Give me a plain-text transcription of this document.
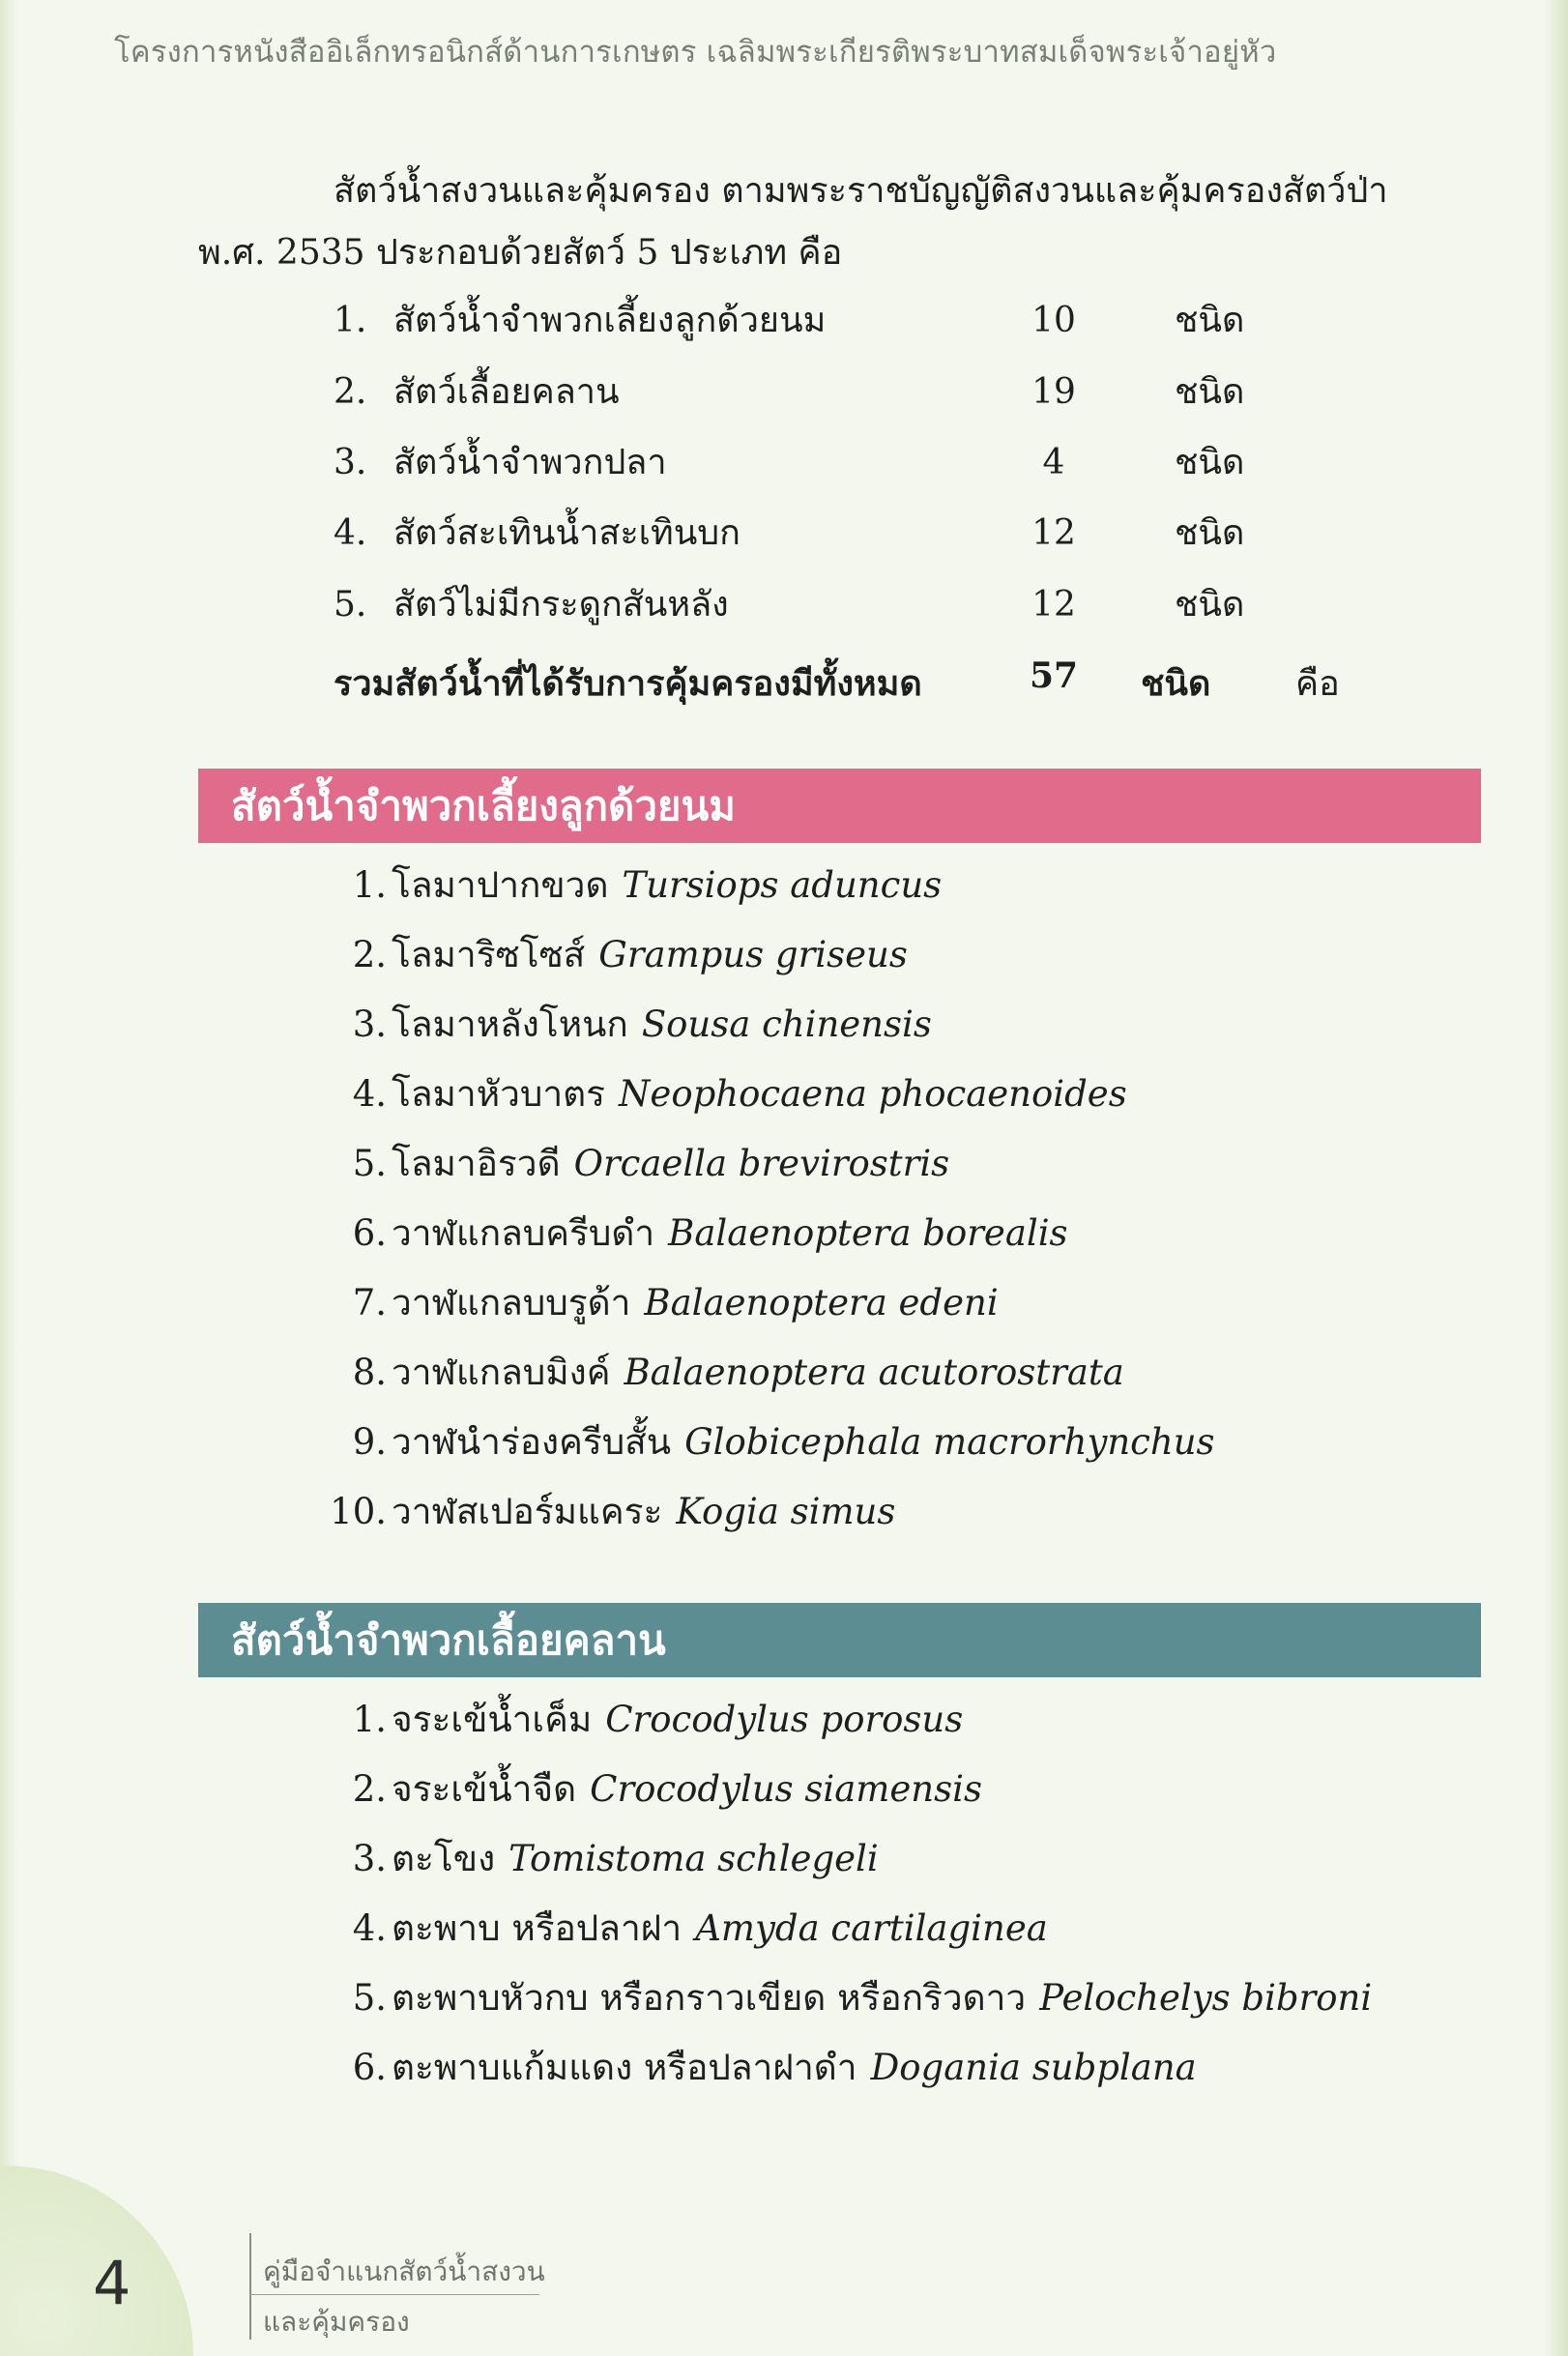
โครงการหนังสืออิเล็กทรอนิกส์ด้านการเกษตร เฉลิมพระเกียรติพระบาทสมเด็จพระเจ้าอยู่หัว
สัตว์น้ำสงวนและคุ้มครอง ตามพระราชบัญญัติสงวนและคุ้มครองสัตว์ป่า
พ.ศ. 2535 ประกอบด้วยสัตว์ 5 ประเภท คือ
1. สัตว์น้ำจำพวกเลี้ยงลูกด้วยนม	10	ชนิด
2. สัตว์เลื้อยคลาน	19	ชนิด
3. สัตว์น้ำจำพวกปลา	4	ชนิด
4. สัตว์สะเทินน้ำสะเทินบก	12	ชนิด
5. สัตว์ไม่มีกระดูกสันหลัง	12	ชนิด
รวมสัตว์น้ำที่ได้รับการคุ้มครองมีทั้งหมด	57 ชนิด คือ
สัตว์น้ำจำพวกเลี้ยงลูกด้วยนม
1. โลมาปากขวด Tursiops aduncus
2. โลมาริซโซส์ Grampus griseus
3. โลมาหลังโหนก Sousa chinensis
4. โลมาหัวบาตร Neophocaena phocaenoides
5. โลมาอิรวดี Orcaella brevirostris
6. วาฬแกลบครีบดำ Balaenoptera borealis
7. วาฬแกลบบรูด้า Balaenoptera edeni
8. วาฬแกลบมิงค์ Balaenoptera acutorostrata
9. วาฬนำร่องครีบสั้น Globicephala macrorhynchus
10. วาฬสเปอร์มแคระ Kogia simus
สัตว์น้ำจำพวกเลื้อยคลาน
1. จระเข้น้ำเค็ม Crocodylus porosus
2. จระเข้น้ำจืด Crocodylus siamensis
3. ตะโขง Tomistoma schlegeli
4. ตะพาบ หรือปลาฝา Amyda cartilaginea
5. ตะพาบหัวกบ หรือกราวเขียด หรือกริวดาว Pelochelys bibroni
6. ตะพาบแก้มแดง หรือปลาฝาดำ Dogania subplana
4	คู่มือจำแนกสัตว์น้ำสงวน
และคุ้มครอง
